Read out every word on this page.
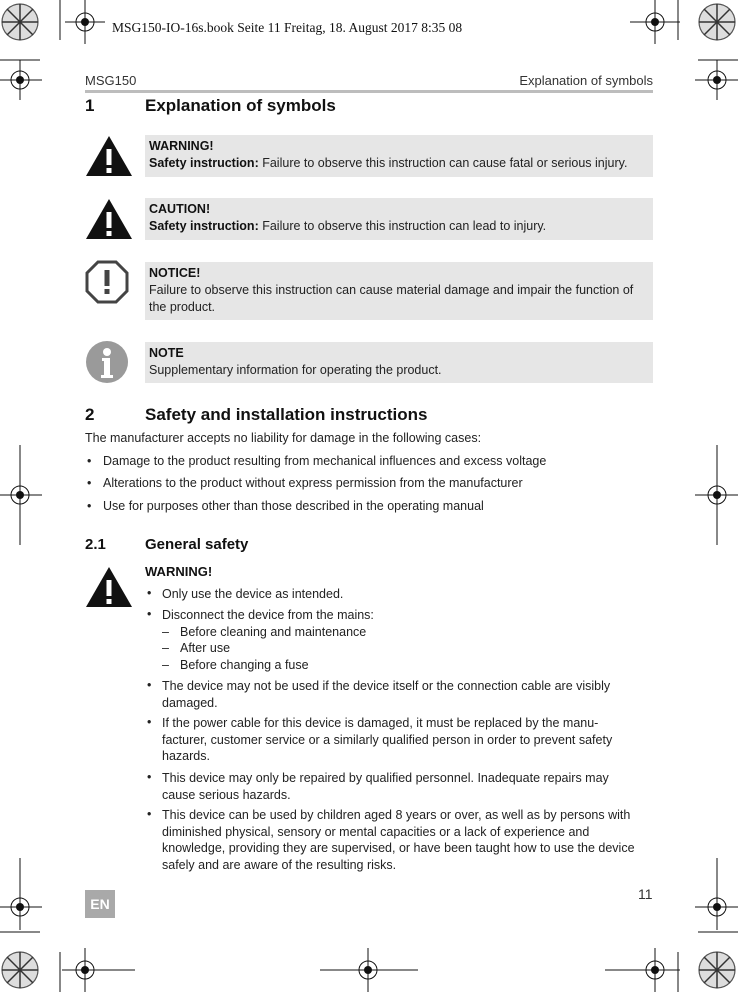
MSG150-IO-16s.book Seite 11 Freitag, 18. August 2017 8:35 08
MSG150	Explanation of symbols
1	Explanation of symbols
WARNING!
Safety instruction: Failure to observe this instruction can cause fatal or serious injury.
CAUTION!
Safety instruction: Failure to observe this instruction can lead to injury.
NOTICE!
Failure to observe this instruction can cause material damage and impair the function of the product.
NOTE
Supplementary information for operating the product.
2	Safety and installation instructions
The manufacturer accepts no liability for damage in the following cases:
• Damage to the product resulting from mechanical influences and excess voltage
• Alterations to the product without express permission from the manufacturer
• Use for purposes other than those described in the operating manual
2.1	General safety
WARNING!
• Only use the device as intended.
• Disconnect the device from the mains:
– Before cleaning and maintenance
– After use
– Before changing a fuse
• The device may not be used if the device itself or the connection cable are visibly damaged.
• If the power cable for this device is damaged, it must be replaced by the manu-facturer, customer service or a similarly qualified person in order to prevent safety hazards.
• This device may only be repaired by qualified personnel. Inadequate repairs may cause serious hazards.
• This device can be used by children aged 8 years or over, as well as by persons with diminished physical, sensory or mental capacities or a lack of experience and knowledge, providing they are supervised, or have been taught how to use the device safely and are aware of the resulting risks.
EN
11
